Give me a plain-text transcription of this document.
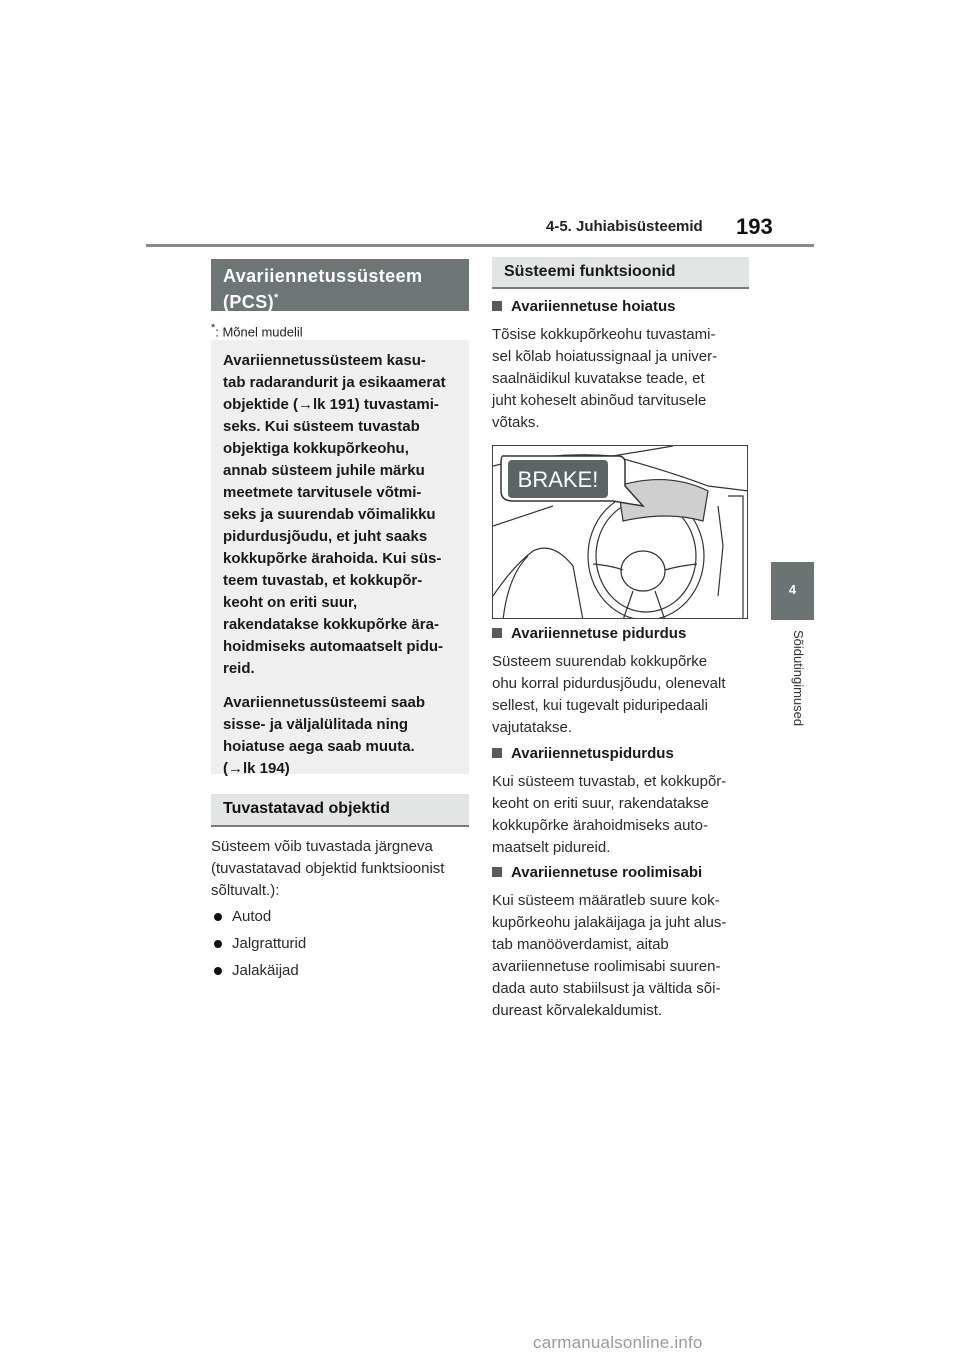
4-5. Juhiabisüsteemid 193
4
Sõidutingimused
Avariiennetussüsteem (PCS)*
*: Mõnel mudelil

Avariiennetussüsteem kasu-
tab radarandurit ja esikaamerat
objektide (→lk 191) tuvastami-
seks. Kui süsteem tuvastab
objektiga kokkupõrkeohu,
annab süsteem juhile märku
meetmete tarvitusele võtmi-
seks ja suurendab võimalikku
pidurdusjõudu, et juht saaks
kokkupõrke ärahoida. Kui süs-
teem tuvastab, et kokkupõr-
keoht on eriti suur,
rakendatakse kokkupõrke ära-
hoidmiseks automaatselt pidu-
reid.

Avariiennetussüsteemi saab
sisse- ja väljalülitada ning
hoiatuse aega saab muuta.
(→lk 194)

Tuvastatavad objektid
Süsteem võib tuvastada järgneva
(tuvastatavad objektid funktsioonist
sõltuvalt.):
Autod
Jalgratturid
Jalakäijad
Süsteemi funktsioonid
Avariiennetuse hoiatus
Tõsise kokkupõrkeohu tuvastami-
sel kõlab hoiatussignaal ja univer-
saalnäidikul kuvatakse teade, et
juht koheselt abinõud tarvitusele
võtaks.
BRAKE!
Avariiennetuse pidurdus
Süsteem suurendab kokkupõrke
ohu korral pidurdusjõudu, olenevalt
sellest, kui tugevalt piduripedaali
vajutatakse.
Avariiennetuspidurdus
Kui süsteem tuvastab, et kokkupõr-
keoht on eriti suur, rakendatakse
kokkupõrke ärahoidmiseks auto-
maatselt pidureid.
Avariiennetuse roolimisabi
Kui süsteem määratleb suure kok-
kupõrkeohu jalakäijaga ja juht alus-
tab manööverdamist, aitab
avariiennetuse roolimisabi suuren-
dada auto stabiilsust ja vältida sõi-
dureast kõrvalekaldumist.
carmanualsonline.info
